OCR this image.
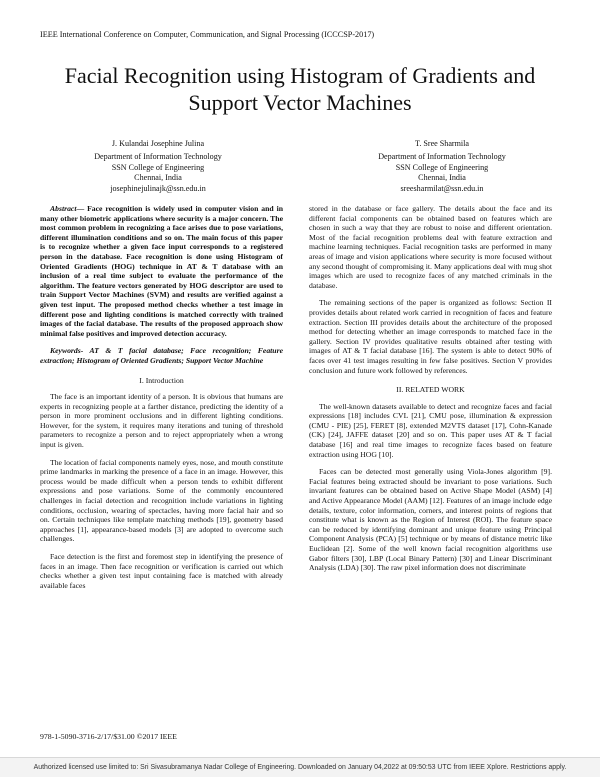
IEEE International Conference on Computer, Communication, and Signal Processing (ICCCSP-2017)
Facial Recognition using Histogram of Gradients and Support Vector Machines
J. Kulandai Josephine Julina
Department of Information Technology
SSN College of Engineering
Chennai, India
josephinejulinajk@ssn.edu.in
T. Sree Sharmila
Department of Information Technology
SSN College of Engineering
Chennai, India
sreesharmilat@ssn.edu.in

Abstract— Face recognition is widely used in computer vision and in many other biometric applications where security is a major concern. The most common problem in recognizing a face arises due to pose variations, different illumination conditions and so on. The main focus of this paper is to recognize whether a given face input corresponds to a registered person in the database. Face recognition is done using Histogram of Oriented Gradients (HOG) technique in AT & T database with an inclusion of a real time subject to evaluate the performance of the algorithm. The feature vectors generated by HOG descriptor are used to train Support Vector Machines (SVM) and results are verified against a given test input. The proposed method checks whether a test image in different pose and lighting conditions is matched correctly with trained images of the facial database. The results of the proposed approach show minimal false positives and improved detection accuracy.

Keywords- AT & T facial database; Face recognition; Feature extraction; Histogram of Oriented Gradients; Support Vector Machine

I. Introduction

The face is an important identity of a person. It is obvious that humans are experts in recognizing people at a farther distance, predicting the identity of a person in more prominent occlusions and in different lighting conditions. However, for the system, it requires many iterations and tuning of threshold parameters to recognize a person and to reject appropriately when a wrong input is given.

The location of facial components namely eyes, nose, and mouth constitute prime landmarks in marking the presence of a face in an image. However, this process would be made difficult when a person tends to exhibit different expressions and pose variations. Some of the commonly encountered challenges in facial detection and recognition include variations in lighting conditions, occlusion, wearing of spectacles, having more facial hair and so on. Certain techniques like template matching methods [19], geometry based approaches [1], appearance-based models [3] are adopted to overcome such challenges.

Face detection is the first and foremost step in identifying the presence of faces in an image. Then face recognition or verification is carried out which checks whether a given test input containing face is matched with already available faces

stored in the database or face gallery. The details about the face and its different facial components can be obtained based on features which are chosen in such a way that they are robust to noise and different orientation. Most of the facial recognition problems deal with feature extraction and machine learning techniques. Facial recognition tasks are performed in many areas of image and vision applications where security is more focused without any second thought of compromising it. Many applications deal with mug shot images which are used to recognize faces of any matched criminals in the database.

The remaining sections of the paper is organized as follows: Section II provides details about related work carried in recognition of faces and feature extraction. Section III provides details about the architecture of the proposed method for detecting whether an image corresponds to matched face in the gallery. Section IV provides qualitative results obtained after testing with images of AT & T facial database [16]. The system is able to detect 90% of faces over 41 test images resulting in few false positives. Section V provides conclusion and future work followed by references.

II. RELATED WORK

The well-known datasets available to detect and recognize faces and facial expressions [18] includes CVL [21], CMU pose, illumination & expression (CMU - PIE) [25], FERET [8], extended M2VTS dataset [17], Cohn-Kanade (CK) [24], JAFFE dataset [20] and so on. This paper uses AT & T facial database [16] and real time images to recognize faces based on feature extraction using HOG [10].

Faces can be detected most generally using Viola-Jones algorithm [9]. Facial features being extracted should be invariant to pose variations. Such invariant features can be obtained based on Active Shape Model (ASM) [4] and Active Appearance Model (AAM) [12]. Features of an image include edge details, texture, color information, corners, and interest points of regions that constitute what is known as the Region of Interest (ROI). The feature space can be reduced by identifying dominant and unique feature using Principal Component Analysis (PCA) [5] technique or by means of distance metric like Euclidean [2]. Some of the well known facial recognition algorithms use Gabor filters [30], LBP (Local Binary Pattern) [30] and Linear Discriminant Analysis (LDA) [30]. The raw pixel information does not discriminate

978-1-5090-3716-2/17/$31.00 ©2017 IEEE
Authorized licensed use limited to: Sri Sivasubramanya Nadar College of Engineering. Downloaded on January 04,2022 at 09:50:53 UTC from IEEE Xplore. Restrictions apply.
